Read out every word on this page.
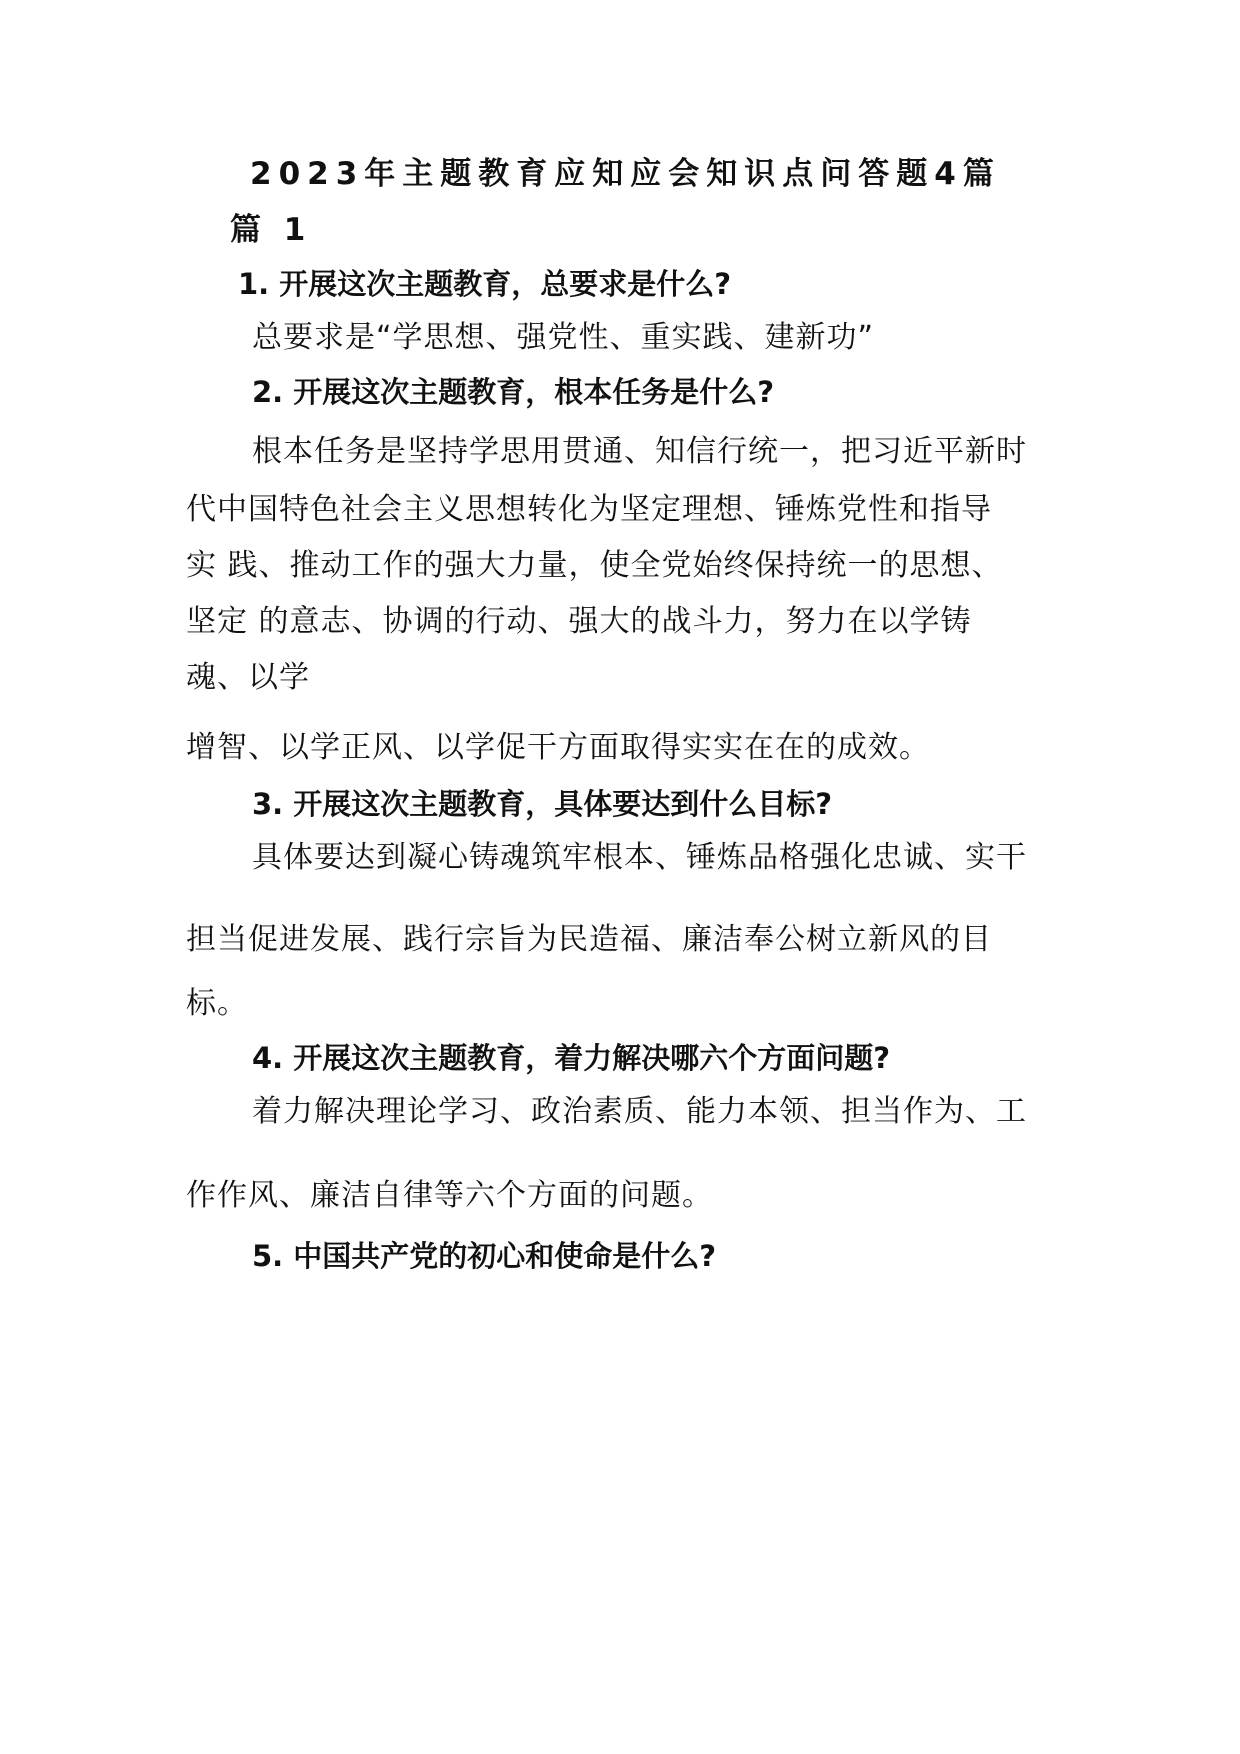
2023年主题教育应知应会知识点问答题4篇
篇 1
1. 开展这次主题教育，总要求是什么?
总要求是“学思想、强党性、重实践、建新功”
2. 开展这次主题教育，根本任务是什么?
根本任务是坚持学思用贯通、知信行统一，把习近平新时
代中国特色社会主义思想转化为坚定理想、锤炼党性和指导
实 践、推动工作的强大力量，使全党始终保持统一的思想、
坚定 的意志、协调的行动、强大的战斗力，努力在以学铸
魂、以学
增智、以学正风、以学促干方面取得实实在在的成效。
3. 开展这次主题教育，具体要达到什么目标?
具体要达到凝心铸魂筑牢根本、锤炼品格强化忠诚、实干
担当促进发展、践行宗旨为民造福、廉洁奉公树立新风的目
标。
4. 开展这次主题教育，着力解决哪六个方面问题?
着力解决理论学习、政治素质、能力本领、担当作为、工
作作风、廉洁自律等六个方面的问题。
5. 中国共产党的初心和使命是什么?
